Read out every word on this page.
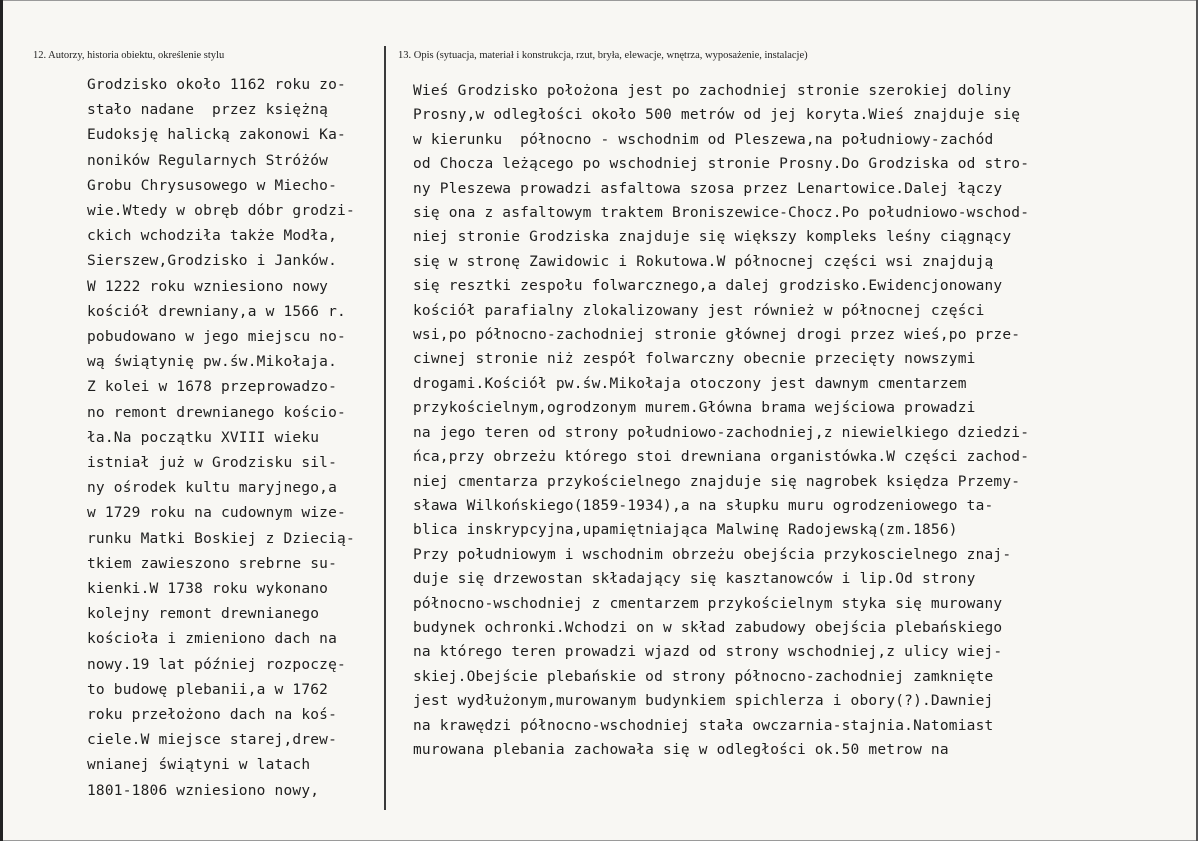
12. Autorzy, historia obiektu, określenie stylu	13. Opis (sytuacja, materiał i konstrukcja, rzut, bryła, elewacje, wnętrza, wyposażenie, instalacje)
Grodzisko około 1162 roku zo-
stało nadane  przez księżną
Eudoksję halicką zakonowi Ka-
noników Regularnych Stróżów
Grobu Chrysusowego w Miecho-
wie.Wtedy w obręb dóbr grodzi-
ckich wchodziła także Modła,
Sierszew,Grodzisko i Janków.
W 1222 roku wzniesiono nowy
kościół drewniany,a w 1566 r.
pobudowano w jego miejscu no-
wą świątynię pw.św.Mikołaja.
Z kolei w 1678 przeprowadzo-
no remont drewnianego kościo-
ła.Na początku XVIII wieku
istniał już w Grodzisku sil-
ny ośrodek kultu maryjnego,a
w 1729 roku na cudownym wize-
runku Matki Boskiej z Dziecią-
tkiem zawieszono srebrne su-
kienki.W 1738 roku wykonano
kolejny remont drewnianego
kościoła i zmieniono dach na
nowy.19 lat później rozpoczę-
to budowę plebanii,a w 1762
roku przełożono dach na koś-
ciele.W miejsce starej,drew-
wnianej świątyni w latach
1801-1806 wzniesiono nowy,
Wieś Grodzisko położona jest po zachodniej stronie szerokiej doliny
Prosny,w odległości około 500 metrów od jej koryta.Wieś znajduje się
w kierunku  północno - wschodnim od Pleszewa,na południowy-zachód
od Chocza leżącego po wschodniej stronie Prosny.Do Grodziska od stro-
ny Pleszewa prowadzi asfaltowa szosa przez Lenartowice.Dalej łączy
się ona z asfaltowym traktem Broniszewice-Chocz.Po południowo-wschod-
niej stronie Grodziska znajduje się większy kompleks leśny ciągnący
się w stronę Zawidowic i Rokutowa.W północnej części wsi znajdują
się resztki zespołu folwarcznego,a dalej grodzisko.Ewidencjonowany
kościół parafialny zlokalizowany jest również w północnej części
wsi,po północno-zachodniej stronie głównej drogi przez wieś,po prze-
ciwnej stronie niż zespół folwarczny obecnie przecięty nowszymi
drogami.Kościół pw.św.Mikołaja otoczony jest dawnym cmentarzem
przykościelnym,ogrodzonym murem.Główna brama wejściowa prowadzi
na jego teren od strony południowo-zachodniej,z niewielkiego dziedzi-
ńca,przy obrzeżu którego stoi drewniana organistówka.W części zachod-
niej cmentarza przykościelnego znajduje się nagrobek księdza Przemy-
sława Wilkońskiego(1859-1934),a na słupku muru ogrodzeniowego ta-
blica inskrypcyjna,upamiętniająca Malwinę Radojewską(zm.1856)
Przy południowym i wschodnim obrzeżu obejścia przykoscielnego znaj-
duje się drzewostan składający się kasztanowców i lip.Od strony
północno-wschodniej z cmentarzem przykościelnym styka się murowany
budynek ochronki.Wchodzi on w skład zabudowy obejścia plebańskiego
na którego teren prowadzi wjazd od strony wschodniej,z ulicy wiej-
skiej.Obejście plebańskie od strony północno-zachodniej zamknięte
jest wydłużonym,murowanym budynkiem spichlerza i obory(?).Dawniej
na krawędzi północno-wschodniej stała owczarnia-stajnia.Natomiast
murowana plebania zachowała się w odległości ok.50 metrow na
